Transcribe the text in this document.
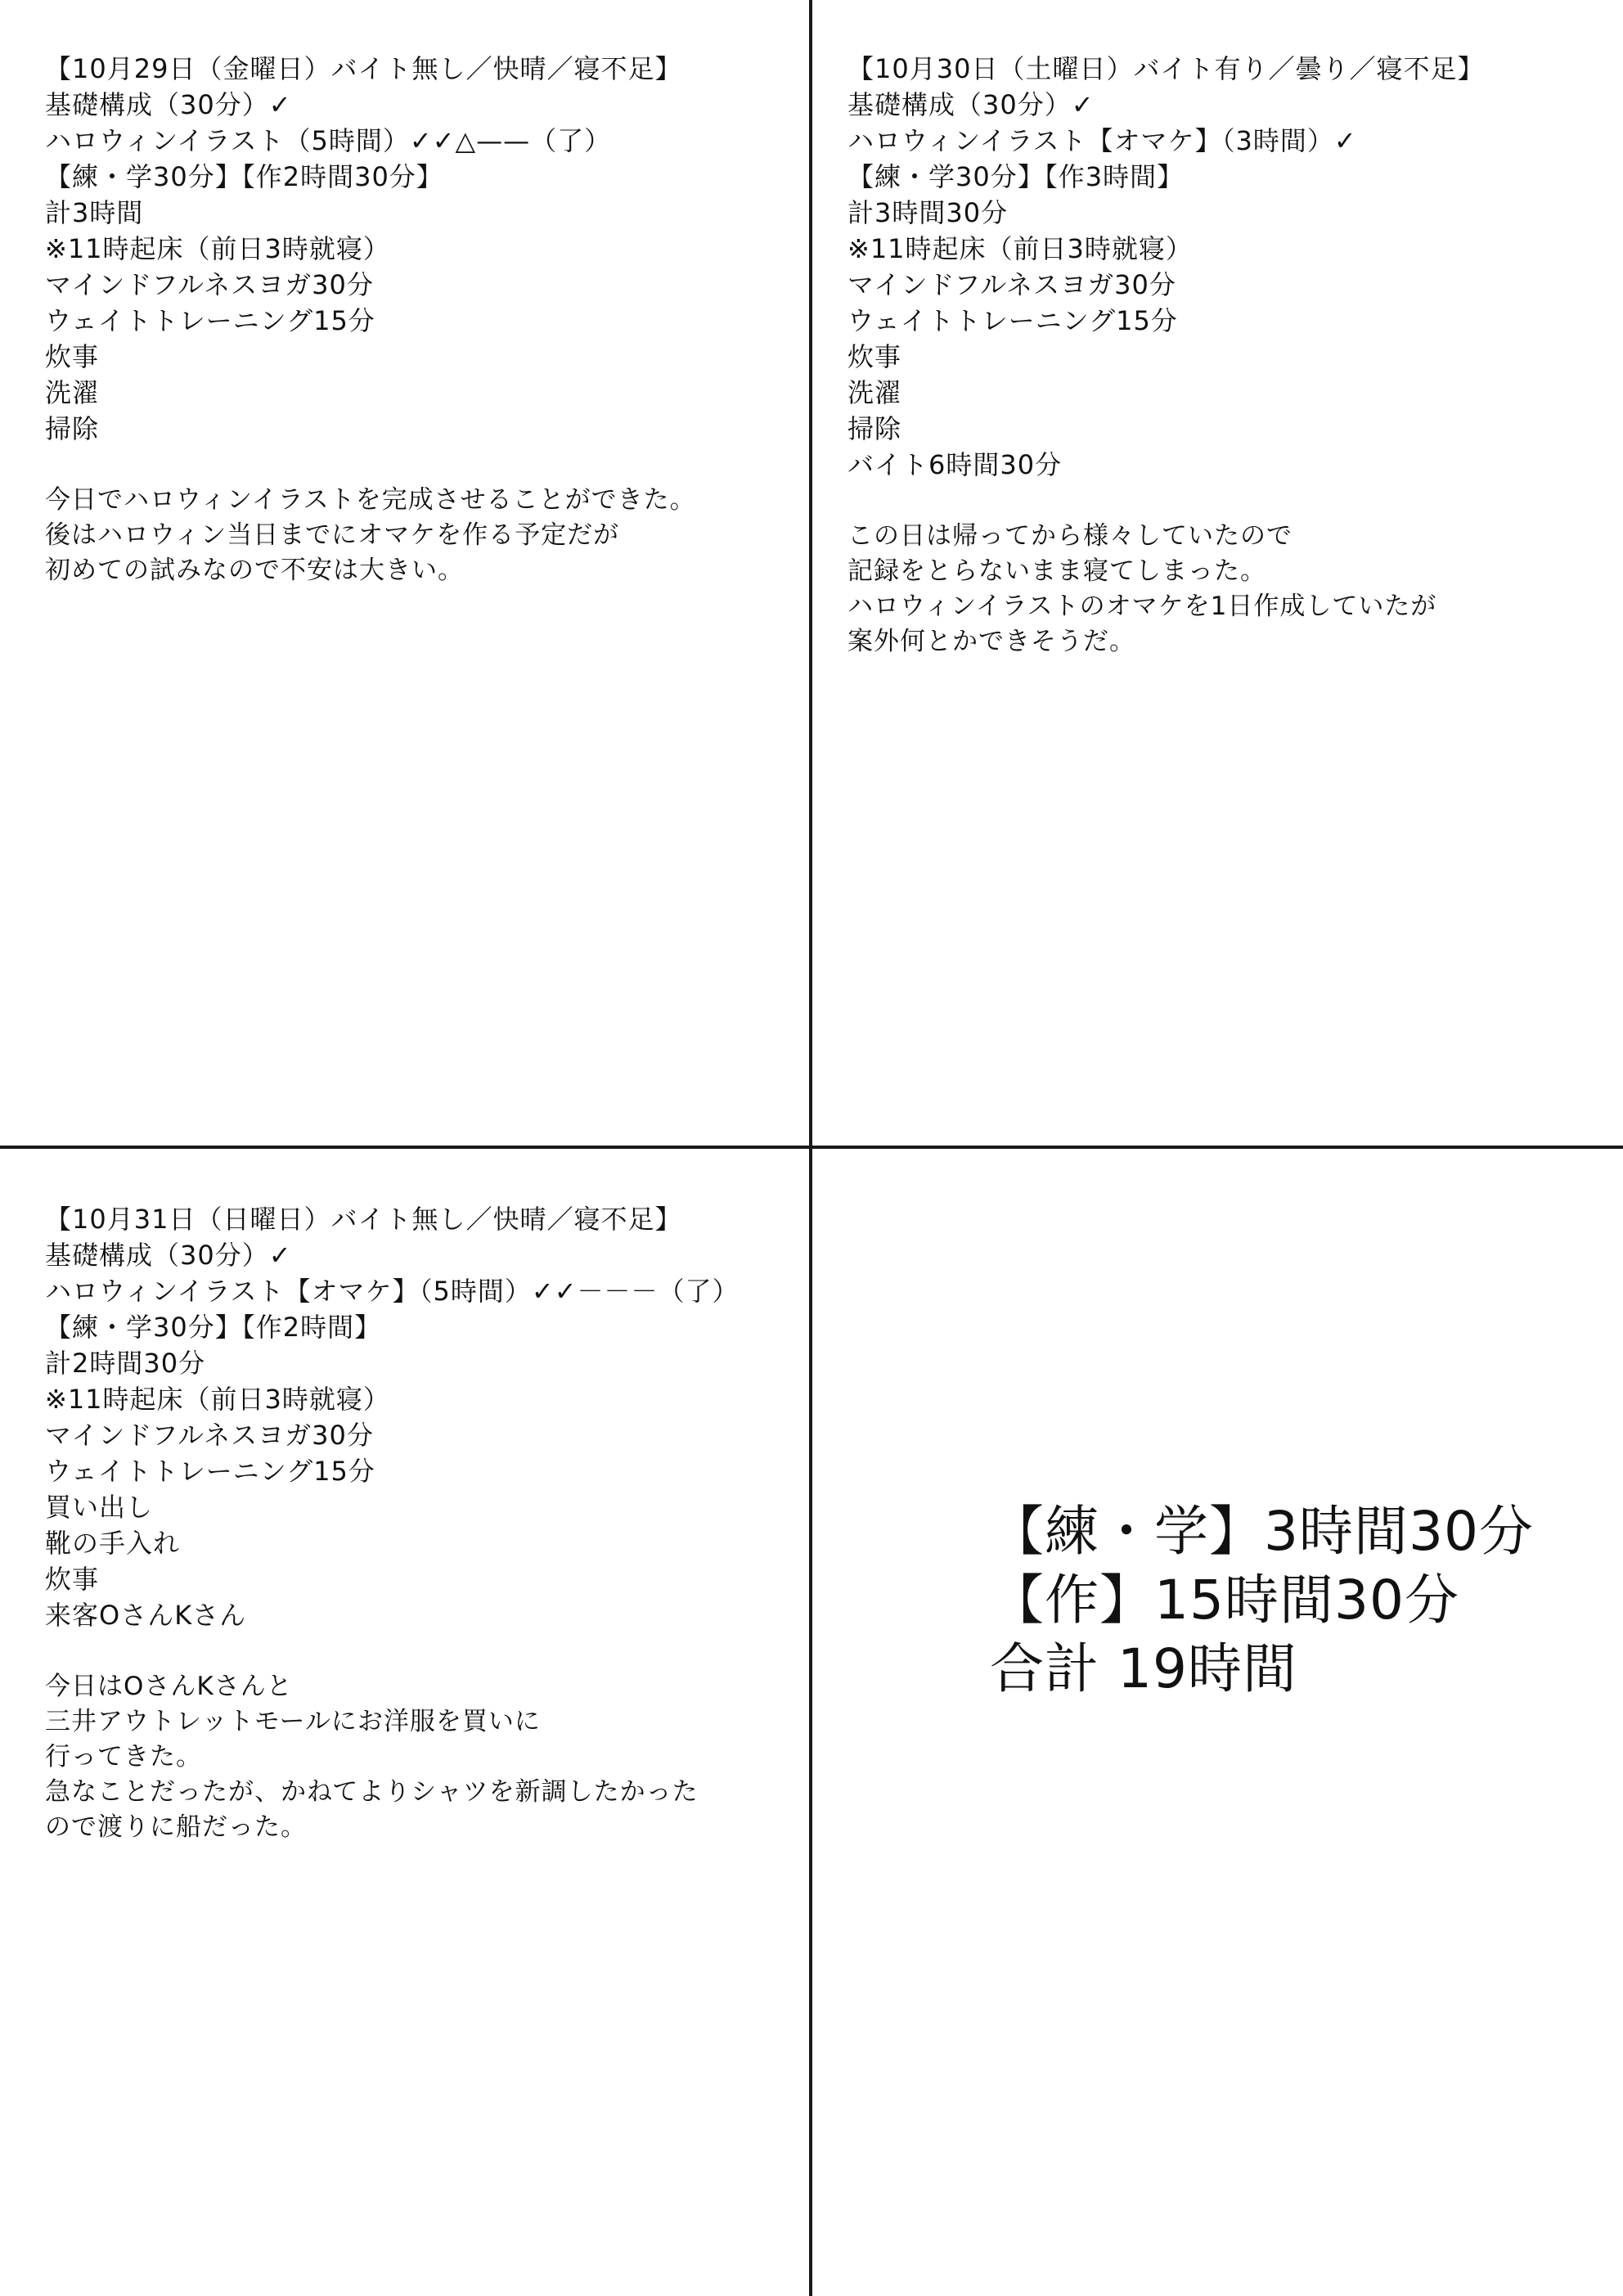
【10月29日（金曜日）バイト無し／快晴／寝不足】
基礎構成（30分）✓
ハロウィンイラスト（5時間）✓✓△——（了）
【練・学30分】【作2時間30分】
計3時間
※11時起床（前日3時就寝）
マインドフルネスヨガ30分
ウェイトトレーニング15分
炊事
洗濯
掃除
今日でハロウィンイラストを完成させることができた。
後はハロウィン当日までにオマケを作る予定だが
初めての試みなので不安は大きい。
【10月30日（土曜日）バイト有り／曇り／寝不足】
基礎構成（30分）✓
ハロウィンイラスト【オマケ】（3時間）✓
【練・学30分】【作3時間】
計3時間30分
※11時起床（前日3時就寝）
マインドフルネスヨガ30分
ウェイトトレーニング15分
炊事
洗濯
掃除
バイト6時間30分
この日は帰ってから様々していたので
記録をとらないまま寝てしまった。
ハロウィンイラストのオマケを1日作成していたが
案外何とかできそうだ。
【10月31日（日曜日）バイト無し／快晴／寝不足】
基礎構成（30分）✓
ハロウィンイラスト【オマケ】（5時間）✓✓－－－（了）
【練・学30分】【作2時間】
計2時間30分
※11時起床（前日3時就寝）
マインドフルネスヨガ30分
ウェイトトレーニング15分
買い出し
靴の手入れ
炊事
来客OさんKさん
今日はOさんKさんと
三井アウトレットモールにお洋服を買いに
行ってきた。
急なことだったが、かねてよりシャツを新調したかった
ので渡りに船だった。
【練・学】3時間30分
【作】15時間30分
合計 19時間
